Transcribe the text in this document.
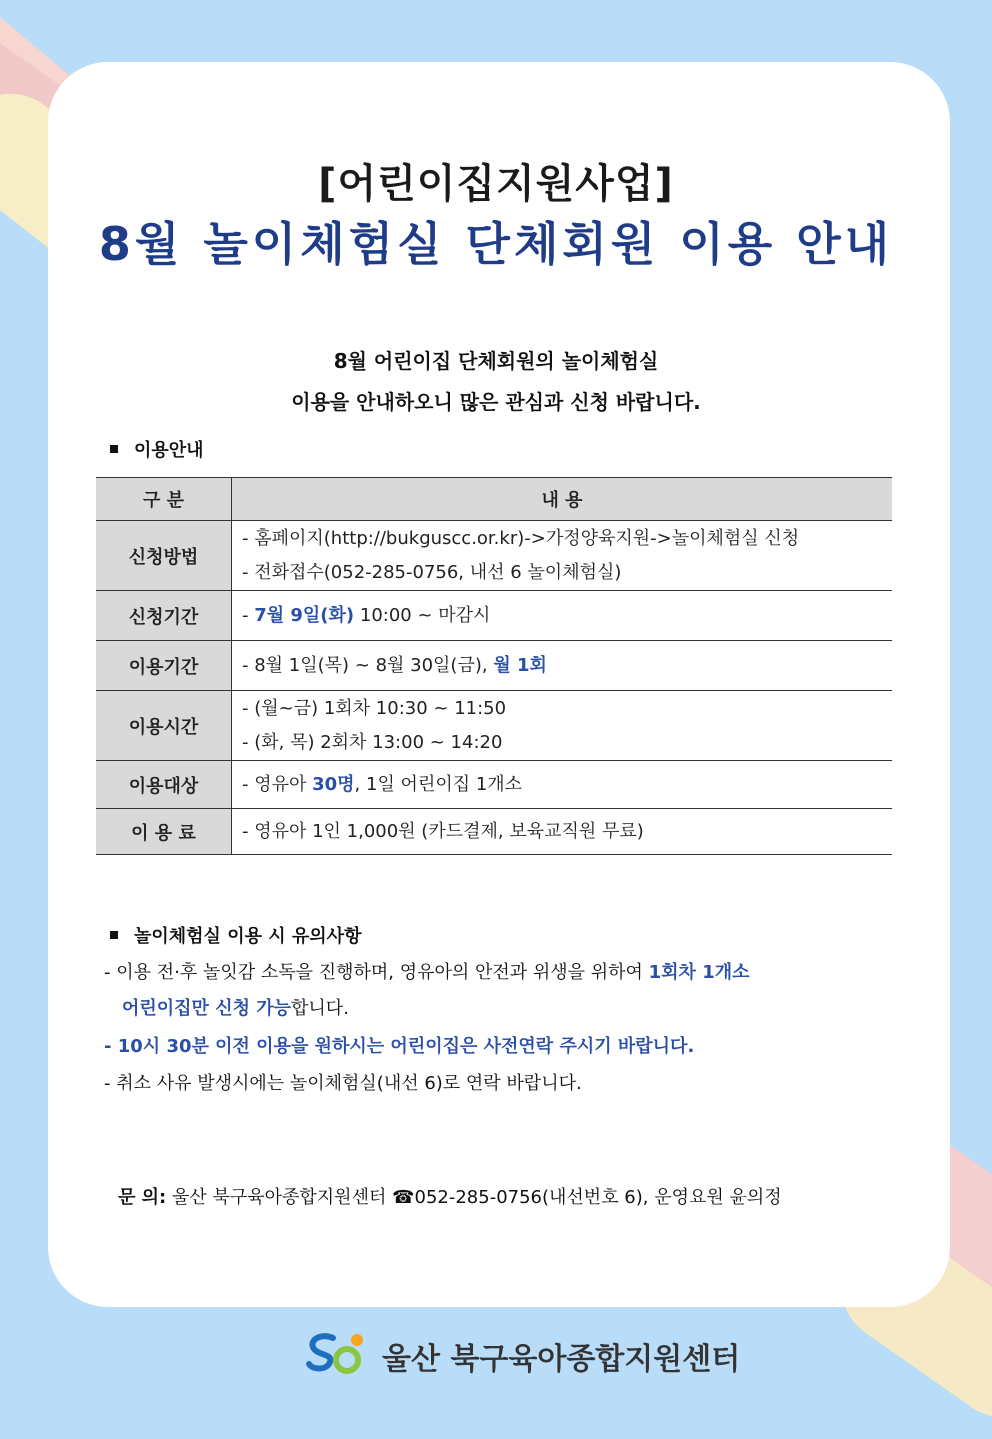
[어린이집지원사업]
8월 놀이체험실 단체회원 이용 안내
8월 어린이집 단체회원의 놀이체험실
이용을 안내하오니 많은 관심과 신청 바랍니다.
이용안내
구 분	내 용
신청방법	- 홈페이지(http://bukguscc.or.kr)->가정양육지원->놀이체험실 신청
- 전화접수(052-285-0756, 내선 6 놀이체험실)

신청기간	- 7월 9일(화) 10:00 ~ 마감시
이용기간	- 8월 1일(목) ~ 8월 30일(금), 월 1회
이용시간	- (월~금) 1회차 10:30 ~ 11:50
- (화, 목) 2회차 13:00 ~ 14:20

이용대상	- 영유아 30명, 1일 어린이집 1개소
이 용 료	- 영유아 1인 1,000원 (카드결제, 보육교직원 무료)
놀이체험실 이용 시 유의사항
- 이용 전·후 놀잇감 소독을 진행하며, 영유아의 안전과 위생을 위하여 1회차 1개소
어린이집만 신청 가능합니다.
- 10시 30분 이전 이용을 원하시는 어린이집은 사전연락 주시기 바랍니다.
- 취소 사유 발생시에는 놀이체험실(내선 6)로 연락 바랍니다.
문 의: 울산 북구육아종합지원센터 ☎052-285-0756(내선번호 6), 운영요원 윤의정
울산 북구육아종합지원센터
